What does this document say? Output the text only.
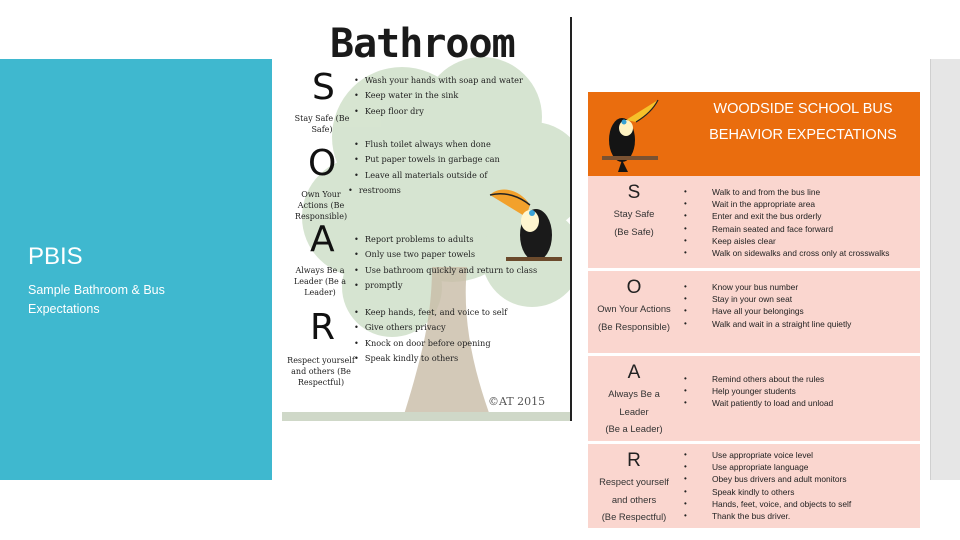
PBIS
Sample Bathroom & Bus Expectations
Bathroom
S
Stay Safe (Be Safe)
• Wash your hands with soap and water
• Keep water in the sink
• Keep floor dry
O
Own Your Actions (Be Responsible)
• Flush toilet always when done
• Put paper towels in garbage can
• Leave all materials outside of
• restrooms
A
Always Be a Leader (Be a Leader)
• Report problems to adults
• Only use two paper towels
• Use bathroom quickly and return to class
• promptly
R
Respect yourself and others (Be Respectful)
• Keep hands, feet, and voice to self
• Give others privacy
• Knock on door before opening
• Speak kindly to others
©AT 2015
WOODSIDE SCHOOL BUS BEHAVIOR EXPECTATIONS
S
Stay Safe
(Be Safe)
• Walk to and from the bus line
• Wait in the appropriate area
• Enter and exit the bus orderly
• Remain seated and face forward
• Keep aisles clear
• Walk on sidewalks and cross only at crosswalks
O
Own Your Actions
(Be Responsible)
• Know your bus number
• Stay in your own seat
• Have all your belongings
• Walk and wait in a straight line quietly
A
Always Be a
Leader
(Be a Leader)
• Remind others about the rules
• Help younger students
• Wait patiently to load and unload
R
Respect yourself
and others
(Be Respectful)
• Use appropriate voice level
• Use appropriate language
• Obey bus drivers and adult monitors
• Speak kindly to others
• Hands, feet, voice, and objects to self
• Thank the bus driver.
